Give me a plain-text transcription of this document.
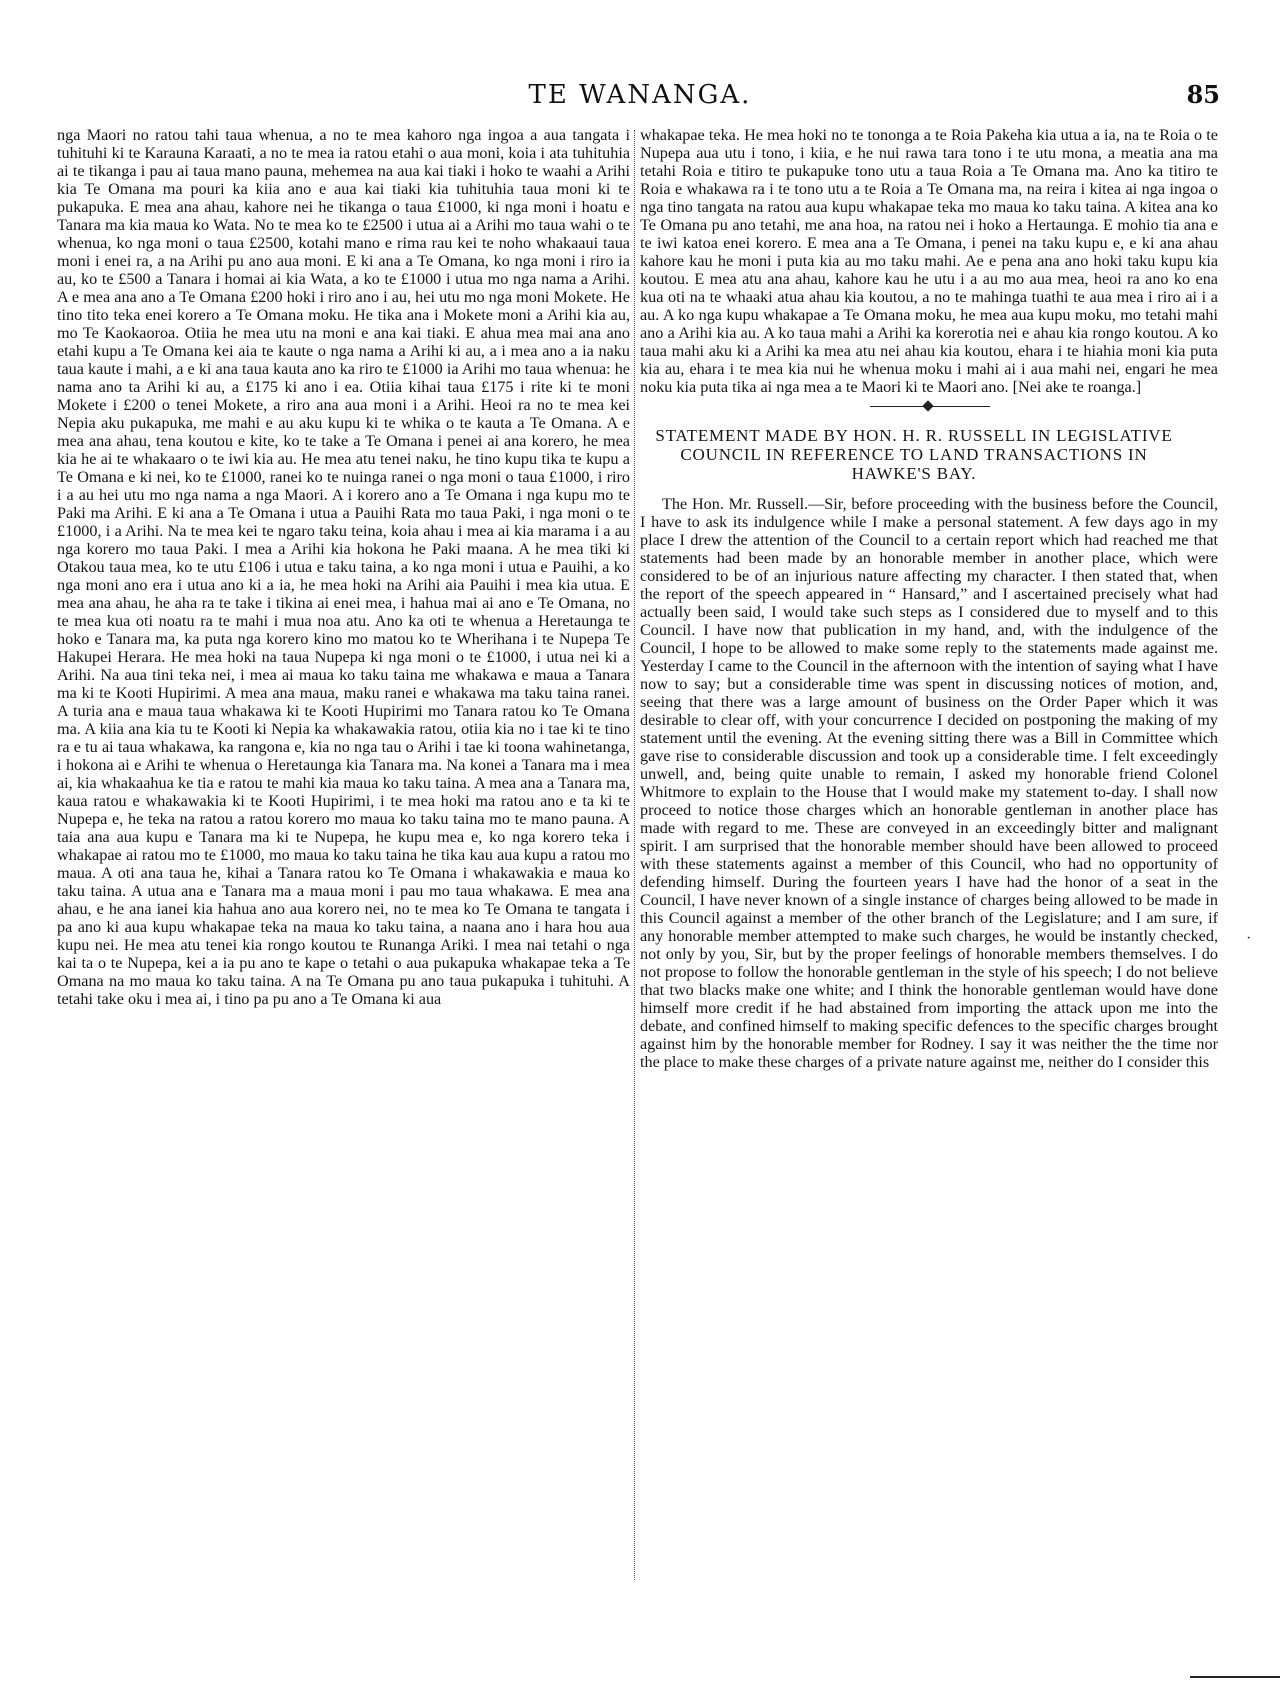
TE WANANGA.	85

nga Maori no ratou tahi taua whenua, a no te mea kahoro nga ingoa a aua tangata i tuhituhi ki te Karauna Karaati, a no te mea ia ratou etahi o aua moni, koia i ata tuhituhia ai te tikanga i pau ai taua mano pauna, mehemea na aua kai tiaki i hoko te waahi a Arihi kia Te Omana ma pouri ka kiia ano e aua kai tiaki kia tuhituhia taua moni ki te pukapuka. E mea ana ahau, kahore nei he tikanga o taua £1000, ki nga moni i hoatu e Tanara ma kia maua ko Wata. No te mea ko te £2500 i utua ai a Arihi mo taua wahi o te whenua, ko nga moni o taua £2500, kotahi mano e rima rau kei te noho whakaaui taua moni i enei ra, a na Arihi pu ano aua moni. E ki ana a Te Omana, ko nga moni i riro ia au, ko te £500 a Tanara i homai ai kia Wata, a ko te £1000 i utua mo nga nama a Arihi. A e mea ana ano a Te Omana £200 hoki i riro ano i au, hei utu mo nga moni Mokete. He tino tito teka enei korero a Te Omana moku. He tika ana i Mokete moni a Arihi kia au, mo Te Kaokaoroa. Otiia he mea utu na moni e ana kai tiaki. E ahua mea mai ana ano etahi kupu a Te Omana kei aia te kaute o nga nama a Arihi ki au, a i mea ano a ia naku taua kaute i mahi, a e ki ana taua kauta ano ka riro te £1000 ia Arihi mo taua whenua: he nama ano ta Arihi ki au, a £175 ki ano i ea. Otiia kihai taua £175 i rite ki te moni Mokete i £200 o tenei Mokete, a riro ana aua moni i a Arihi. Heoi ra no te mea kei Nepia aku pukapuka, me mahi e au aku kupu ki te whika o te kauta a Te Omana. A e mea ana ahau, tena koutou e kite, ko te take a Te Omana i penei ai ana korero, he mea kia he ai te whakaaro o te iwi kia au. He mea atu tenei naku, he tino kupu tika te kupu a Te Omana e ki nei, ko te £1000, ranei ko te nuinga ranei o nga moni o taua £1000, i riro i a au hei utu mo nga nama a nga Maori. A i korero ano a Te Omana i nga kupu mo te Paki ma Arihi. E ki ana a Te Omana i utua a Pauihi Rata mo taua Paki, i nga moni o te £1000, i a Arihi. Na te mea kei te ngaro taku teina, koia ahau i mea ai kia marama i a au nga korero mo taua Paki. I mea a Arihi kia hokona he Paki maana. A he mea tiki ki Otakou taua mea, ko te utu £106 i utua e taku taina, a ko nga moni i utua e Pauihi, a ko nga moni ano era i utua ano ki a ia, he mea hoki na Arihi aia Pauihi i mea kia utua. E mea ana ahau, he aha ra te take i tikina ai enei mea, i hahua mai ai ano e Te Omana, no te mea kua oti noatu ra te mahi i mua noa atu. Ano ka oti te whenua a Heretaunga te hoko e Tanara ma, ka puta nga korero kino mo matou ko te Wherihana i te Nupepa Te Hakupei Herara. He mea hoki na taua Nupepa ki nga moni o te £1000, i utua nei ki a Arihi. Na aua tini teka nei, i mea ai maua ko taku taina me whakawa e maua a Tanara ma ki te Kooti Hupirimi. A mea ana maua, maku ranei e whakawa ma taku taina ranei. A turia ana e maua taua whakawa ki te Kooti Hupirimi mo Tanara ratou ko Te Omana ma. A kiia ana kia tu te Kooti ki Nepia ka whakawakia ratou, otiia kia no i tae ki te tino ra e tu ai taua whakawa, ka rangona e, kia no nga tau o Arihi i tae ki toona wahinetanga, i hokona ai e Arihi te whenua o Heretaunga kia Tanara ma. Na konei a Tanara ma i mea ai, kia whakaahua ke tia e ratou te mahi kia maua ko taku taina. A mea ana a Tanara ma, kaua ratou e whakawakia ki te Kooti Hupirimi, i te mea hoki ma ratou ano e ta ki te Nupepa e, he teka na ratou a ratou korero mo maua ko taku taina mo te mano pauna. A taia ana aua kupu e Tanara ma ki te Nupepa, he kupu mea e, ko nga korero teka i whakapae ai ratou mo te £1000, mo maua ko taku taina he tika kau aua kupu a ratou mo maua. A oti ana taua he, kihai a Tanara ratou ko Te Omana i whakawakia e maua ko taku taina. A utua ana e Tanara ma a maua moni i pau mo taua whakawa. E mea ana ahau, e he ana ianei kia hahua ano aua korero nei, no te mea ko Te Omana te tangata i pa ano ki aua kupu whakapae teka na maua ko taku taina, a naana ano i hara hou aua kupu nei. He mea atu tenei kia rongo koutou te Runanga Ariki. I mea nai tetahi o nga kai ta o te Nupepa, kei a ia pu ano te kape o tetahi o aua pukapuka whakapae teka a Te Omana na mo maua ko taku taina. A na Te Omana pu ano taua pukapuka i tuhituhi. A tetahi take oku i mea ai, i tino pa pu ano a Te Omana ki aua

whakapae teka. He mea hoki no te tononga a te Roia Pakeha kia utua a ia, na te Roia o te Nupepa aua utu i tono, i kiia, e he nui rawa tara tono i te utu mona, a meatia ana ma tetahi Roia e titiro te pukapuke tono utu a taua Roia a Te Omana ma. Ano ka titiro te Roia e whakawa ra i te tono utu a te Roia a Te Omana ma, na reira i kitea ai nga ingoa o nga tino tangata na ratou aua kupu whakapae teka mo maua ko taku taina. A kitea ana ko Te Omana pu ano tetahi, me ana hoa, na ratou nei i hoko a Hertaunga. E mohio tia ana e te iwi katoa enei korero. E mea ana a Te Omana, i penei na taku kupu e, e ki ana ahau kahore kau he moni i puta kia au mo taku mahi. Ae e pena ana ano hoki taku kupu kia koutou. E mea atu ana ahau, kahore kau he utu i a au mo aua mea, heoi ra ano ko ena kua oti na te whaaki atua ahau kia koutou, a no te mahinga tuathi te aua mea i riro ai i a au. A ko nga kupu whakapae a Te Omana moku, he mea aua kupu moku, mo tetahi mahi ano a Arihi kia au. A ko taua mahi a Arihi ka korerotia nei e ahau kia rongo koutou. A ko taua mahi aku ki a Arihi ka mea atu nei ahau kia koutou, ehara i te hiahia moni kia puta kia au, ehara i te mea kia nui he whenua moku i mahi ai i aua mahi nei, engari he mea noku kia puta tika ai nga mea a te Maori ki te Maori ano. [Nei ake te roanga.]

STATEMENT MADE BY HON. H. R. RUSSELL IN LEGISLATIVE COUNCIL IN REFERENCE TO LAND TRANSACTIONS IN HAWKE'S BAY.

The Hon. Mr. Russell.—Sir, before proceeding with the business before the Council, I have to ask its indulgence while I make a personal statement. A few days ago in my place I drew the attention of the Council to a certain report which had reached me that statements had been made by an honorable member in another place, which were considered to be of an injurious nature affecting my character. I then stated that, when the report of the speech appeared in “ Hansard,” and I ascertained precisely what had actually been said, I would take such steps as I considered due to myself and to this Council. I have now that publication in my hand, and, with the indulgence of the Council, I hope to be allowed to make some reply to the statements made against me. Yesterday I came to the Council in the afternoon with the intention of saying what I have now to say; but a considerable time was spent in discussing notices of motion, and, seeing that there was a large amount of business on the Order Paper which it was desirable to clear off, with your concurrence I decided on postponing the making of my statement until the evening. At the evening sitting there was a Bill in Committee which gave rise to considerable discussion and took up a considerable time. I felt exceedingly unwell, and, being quite unable to remain, I asked my honorable friend Colonel Whitmore to explain to the House that I would make my statement to-day. I shall now proceed to notice those charges which an honorable gentleman in another place has made with regard to me. These are conveyed in an exceedingly bitter and malignant spirit. I am surprised that the honorable member should have been allowed to proceed with these statements against a member of this Council, who had no opportunity of defending himself. During the fourteen years I have had the honor of a seat in the Council, I have never known of a single instance of charges being allowed to be made in this Council against a member of the other branch of the Legislature; and I am sure, if any honorable member attempted to make such charges, he would be instantly checked, not only by you, Sir, but by the proper feelings of honorable members themselves. I do not propose to follow the honorable gentleman in the style of his speech; I do not believe that two blacks make one white; and I think the honorable gentleman would have done himself more credit if he had abstained from importing the attack upon me into the debate, and confined himself to making specific defences to the specific charges brought against him by the honorable member for Rodney. I say it was neither the the time nor the place to make these charges of a private nature against me, neither do I consider this

·
